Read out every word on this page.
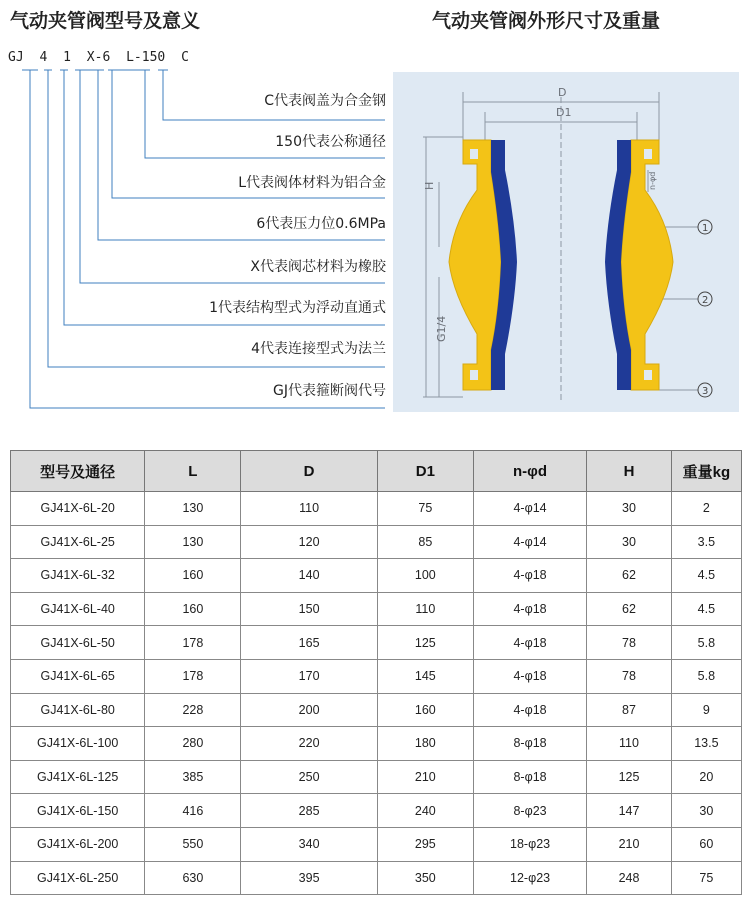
气动夹管阀型号及意义	气动夹管阀外形尺寸及重量
GJ 4 1 X-6 L-150 C
C代表阀盖为合金钢
150代表公称通径
L代表阀体材料为铝合金
6代表压力位0.6MPa
X代表阀芯材料为橡胶
1代表结构型式为浮动直通式
4代表连接型式为法兰
GJ代表箍断阀代号
D
D1
H
G1/4
n-φd
1
2
3
型号及通径	L	D	D1	n-φd	H	重量kg
GJ41X-6L-20	130	110	75	4-φ14	30	2
GJ41X-6L-25	130	120	85	4-φ14	30	3.5
GJ41X-6L-32	160	140	100	4-φ18	62	4.5
GJ41X-6L-40	160	150	110	4-φ18	62	4.5
GJ41X-6L-50	178	165	125	4-φ18	78	5.8
GJ41X-6L-65	178	170	145	4-φ18	78	5.8
GJ41X-6L-80	228	200	160	4-φ18	87	9
GJ41X-6L-100	280	220	180	8-φ18	110	13.5
GJ41X-6L-125	385	250	210	8-φ18	125	20
GJ41X-6L-150	416	285	240	8-φ23	147	30
GJ41X-6L-200	550	340	295	18-φ23	210	60
GJ41X-6L-250	630	395	350	12-φ23	248	75
